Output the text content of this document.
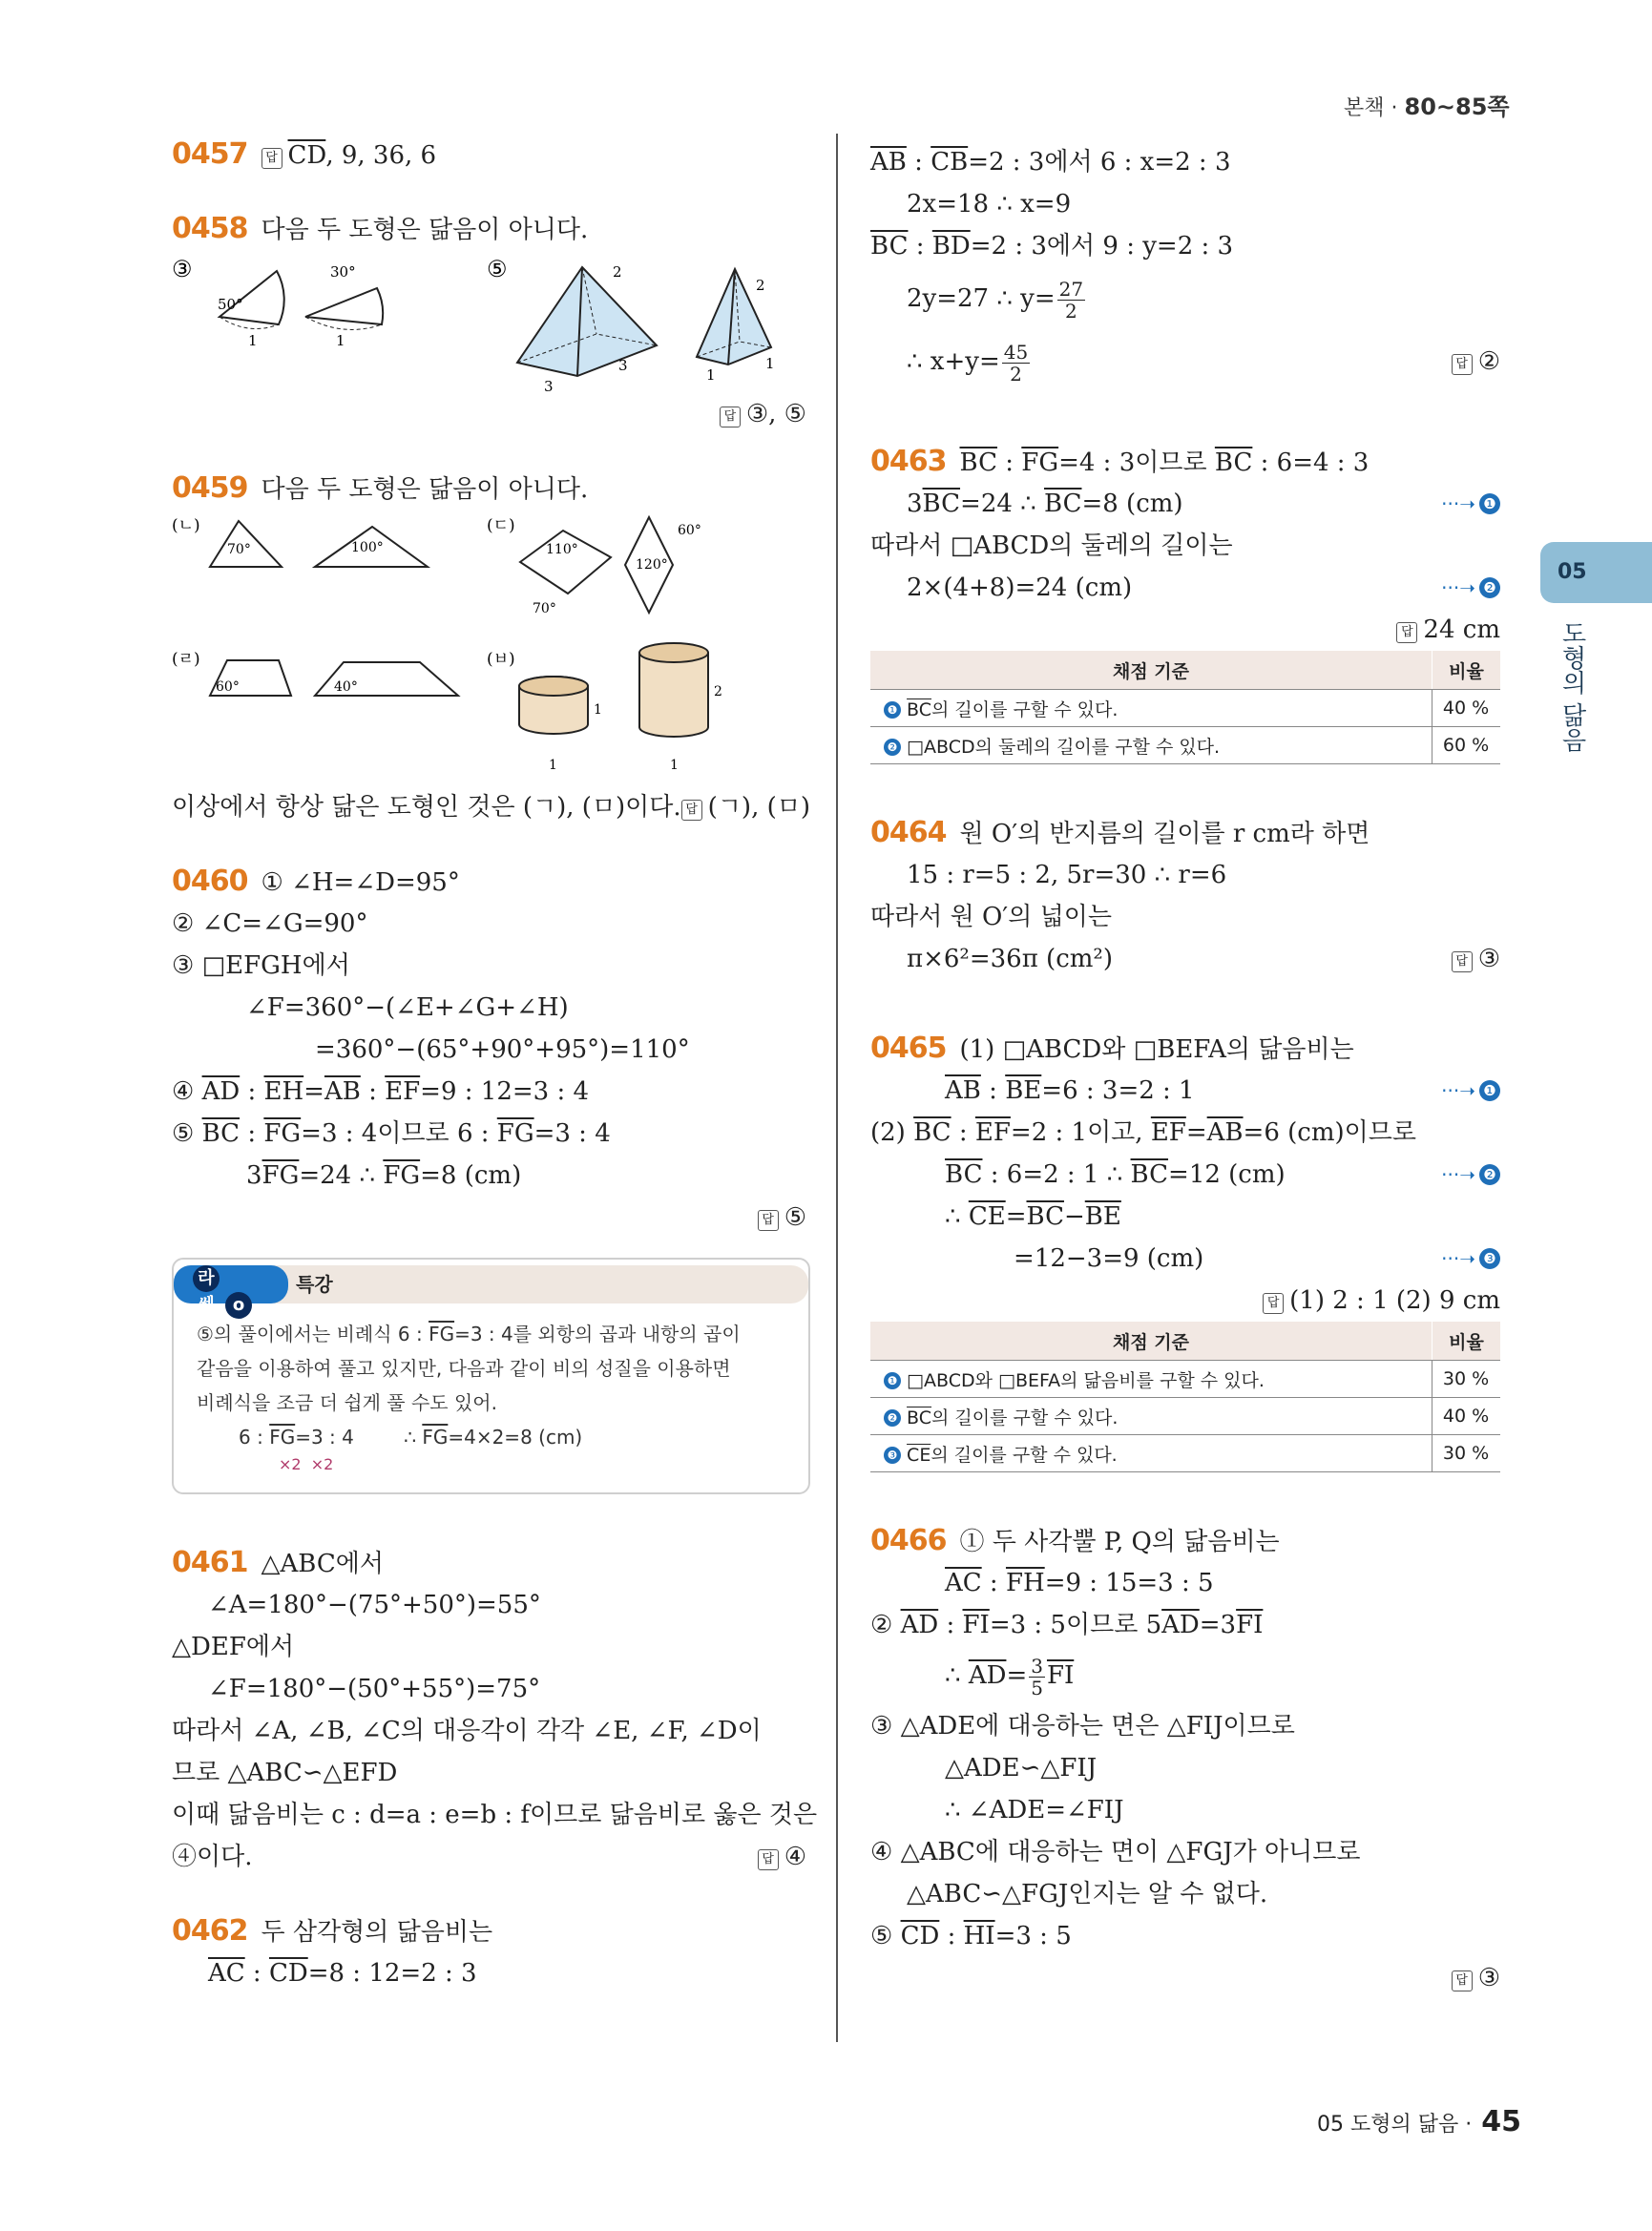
본책 · 80~85쪽
05
도형의 닮음
0457 답 $\overline{CD}$, 9, 36, 6
0458 다음 두 도형은 닮음이 아니다.
③
50°
1
30°
1
⑤	2
3
3
2
1
1
답 ③, ⑤
0459 다음 두 도형은 닮음이 아니다.
(ㄴ)
70°	100°
(ㄷ)
110°
70°
60°
120°
(ㄹ)
60°	40°
(ㅂ)
1
1
2
1
이상에서 항상 닮은 도형인 것은 (ㄱ), (ㅁ)이다. 답 (ㄱ), (ㅁ)
0460 ① ∠H=∠D=95°
② ∠C=∠G=90°
③ □EFGH에서
∠F=360°−(∠E+∠G+∠H)
=360°−(65°+90°+95°)=110°
④ $\overline{AD}$ : $\overline{EH}=\overline{AB}$ : $\overline{EF}=9$ : 12=3 : 4
⑤ $\overline{BC}$ : $\overline{FG}=3$ : 4이므로 6 : $\overline{FG}=3$ : 4
$3\overline{FG}=24$ ∴ $\overline{FG}=8$ (cm)
답 ⑤
라쎈 o
특강
⑤의 풀이에서는 비례식 6 : $\overline{FG}=3$ : 4를 외항의 곱과 내항의 곱이
같음을 이용하여 풀고 있지만, 다음과 같이 비의 성질을 이용하면
비례식을 조금 더 쉽게 풀 수도 있어.
6 : $\overline{FG}=3$ : 4	∴ $\overline{FG}=4\times 2=8$ (cm)
×2 ×2
0461 △ABC에서
∠A=180°−(75°+50°)=55°
△DEF에서
∠F=180°−(50°+55°)=75°
따라서 ∠A, ∠B, ∠C의 대응각이 각각 ∠E, ∠F, ∠D이
므로 △ABC∽△EFD
이때 닮음비는 c : d=a : e=b : f이므로 닮음비로 옳은 것은
④이다.	답 ④
0462 두 삼각형의 닮음비는
$\overline{AC}$ : $\overline{CD}=8$ : 12=2 : 3
$\overline{AB}$ : $\overline{CB}=2$ : 3에서 6 : x=2 : 3
2x=18 ∴ x=9
$\overline{BC}$ : $\overline{BD}=2$ : 3에서 9 : y=2 : 3
2y=27 ∴ $y= \frac{27}{2}$
∴ $x+y= \frac{45}{2}$	답 ②
0463 $\overline{BC}$ : $\overline{FG}=4$ : 3이므로 $\overline{BC}$ : 6=4 : 3
$3\overline{BC}=24$ ∴ $\overline{BC}=8$ (cm)	···➝ ❶
따라서 □ABCD의 둘레의 길이는
2×(4+8)=24 (cm)	···➝ ❷
답 24 cm
채점 기준	비율
❶ $\overline{BC}$의 길이를 구할 수 있다.	40 %
❷ □ABCD의 둘레의 길이를 구할 수 있다.	60 %
0464 원 O′의 반지름의 길이를 r cm라 하면
15 : r=5 : 2, 5r=30 ∴ r=6
따라서 원 O′의 넓이는
π×6²=36π (cm²)	답 ③
0465 (1) □ABCD와 □BEFA의 닮음비는
$\overline{AB}$ : $\overline{BE}=6$ : 3=2 : 1	···➝ ❶
(2) $\overline{BC}$ : $\overline{EF}=2$ : 1이고, $\overline{EF}=\overline{AB}=6$ (cm)이므로
$\overline{BC}$ : 6=2 : 1 ∴ $\overline{BC}=12$ (cm)	···➝ ❷
∴ $\overline{CE}=\overline{BC}-\overline{BE}$
=12−3=9 (cm)	···➝ ❸
답 (1) 2 : 1 (2) 9 cm
채점 기준	비율
❶ □ABCD와 □BEFA의 닮음비를 구할 수 있다.	30 %
❷ $\overline{BC}$의 길이를 구할 수 있다.	40 %
❸ $\overline{CE}$의 길이를 구할 수 있다.	30 %
0466 ① 두 사각뿔 P, Q의 닮음비는
$\overline{AC}$ : $\overline{FH}=9$ : 15=3 : 5
② $\overline{AD}$ : $\overline{FI}=3$ : 5이므로 $5\overline{AD}=3\overline{FI}$
∴ $\overline{AD}= \frac{3}{5} \overline{FI}$
③ △ADE에 대응하는 면은 △FIJ이므로
△ADE∽△FIJ
∴ ∠ADE=∠FIJ
④ △ABC에 대응하는 면이 △FGJ가 아니므로
△ABC∽△FGJ인지는 알 수 없다.
⑤ $\overline{CD}$ : $\overline{HI}=3$ : 5
답 ③
05 도형의 닮음 · 45
